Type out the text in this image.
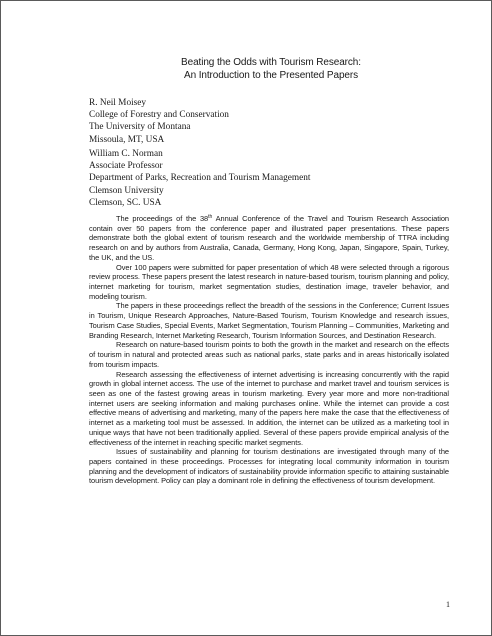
Beating the Odds with Tourism Research:
An Introduction to the Presented Papers
R. Neil Moisey
College of Forestry and Conservation
The University of Montana
Missoula, MT, USA
William C. Norman
Associate Professor
Department of Parks, Recreation and Tourism Management
Clemson University
Clemson, SC. USA

The proceedings of the 38th Annual Conference of the Travel and Tourism Research Association contain over 50 papers from the conference paper and illustrated paper presentations. These papers demonstrate both the global extent of tourism research and the worldwide membership of TTRA including research on and by authors from Australia, Canada, Germany, Hong Kong, Japan, Singapore, Spain, Turkey, the UK, and the US.

Over 100 papers were submitted for paper presentation of which 48 were selected through a rigorous review process. These papers present the latest research in nature-based tourism, tourism planning and policy, internet marketing for tourism, market segmentation studies, destination image, traveler behavior, and modeling tourism.

The papers in these proceedings reflect the breadth of the sessions in the Conference; Current Issues in Tourism, Unique Research Approaches, Nature-Based Tourism, Tourism Knowledge and research issues, Tourism Case Studies, Special Events, Market Segmentation, Tourism Planning – Communities, Marketing and Branding Research, Internet Marketing Research, Tourism Information Sources, and Destination Research.

Research on nature-based tourism points to both the growth in the market and research on the effects of tourism in natural and protected areas such as national parks, state parks and in areas historically isolated from tourism impacts.

Research assessing the effectiveness of internet advertising is increasing concurrently with the rapid growth in global internet access. The use of the internet to purchase and market travel and tourism services is seen as one of the fastest growing areas in tourism marketing. Every year more and more non-traditional internet users are seeking information and making purchases online. While the internet can provide a cost effective means of advertising and marketing, many of the papers here make the case that the effectiveness of internet as a marketing tool must be assessed. In addition, the internet can be utilized as a marketing tool in unique ways that have not been traditionally applied. Several of these papers provide empirical analysis of the effectiveness of the internet in reaching specific market segments.

Issues of sustainability and planning for tourism destinations are investigated through many of the papers contained in these proceedings. Processes for integrating local community information in tourism planning and the development of indicators of sustainability provide information specific to attaining sustainable tourism development. Policy can play a dominant role in defining the effectiveness of tourism development.

1
